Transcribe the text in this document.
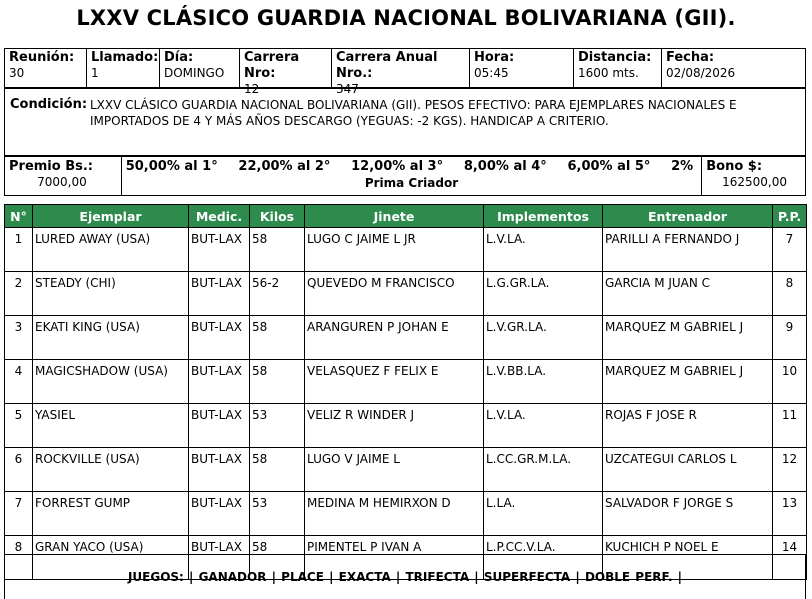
LXXV CLÁSICO GUARDIA NACIONAL BOLIVARIANA (GII).
Reunión:
30
Llamado:
1
Día:
DOMINGO
Carrera Nro:
12
Carrera Anual Nro.:
347
Hora:
05:45
Distancia:
1600 mts.
Fecha:
02/08/2026
Condición: LXXV CLÁSICO GUARDIA NACIONAL BOLIVARIANA (GII). PESOS EFECTIVO: PARA EJEMPLARES NACIONALES E IMPORTADOS DE 4 Y MÁS AÑOS DESCARGO (YEGUAS: -2 KGS). HANDICAP A CRITERIO.
Premio Bs.:
7000,00
50,00% al 1° 22,00% al 2° 12,00% al 3° 8,00% al 4° 6,00% al 5° 2%
Prima Criador
Bono $:
162500,00
N°	Ejemplar	Medic.	Kilos	Jinete	Implementos	Entrenador	P.P.
1	LURED AWAY (USA)	BUT-LAX	58	LUGO C JAIME L JR	L.V.LA.	PARILLI A FERNANDO J	7
2	STEADY (CHI)	BUT-LAX	56-2	QUEVEDO M FRANCISCO	L.G.GR.LA.	GARCIA M JUAN C	8
3	EKATI KING (USA)	BUT-LAX	58	ARANGUREN P JOHAN E	L.V.GR.LA.	MARQUEZ M GABRIEL J	9
4	MAGICSHADOW (USA)	BUT-LAX	58	VELASQUEZ F FELIX E	L.V.BB.LA.	MARQUEZ M GABRIEL J	10
5	YASIEL	BUT-LAX	53	VELIZ R WINDER J	L.V.LA.	ROJAS F JOSE R	11
6	ROCKVILLE (USA)	BUT-LAX	58	LUGO V JAIME L	L.CC.GR.M.LA.	UZCATEGUI CARLOS L	12
7	FORREST GUMP	BUT-LAX	53	MEDINA M HEMIRXON D	L.LA.	SALVADOR F JORGE S	13
8	GRAN YACO (USA)	BUT-LAX	58	PIMENTEL P IVAN A	L.P.CC.V.LA.	KUCHICH P NOEL E	14
JUEGOS: | GANADOR | PLACE | EXACTA | TRIFECTA | SUPERFECTA | DOBLE PERF. |
